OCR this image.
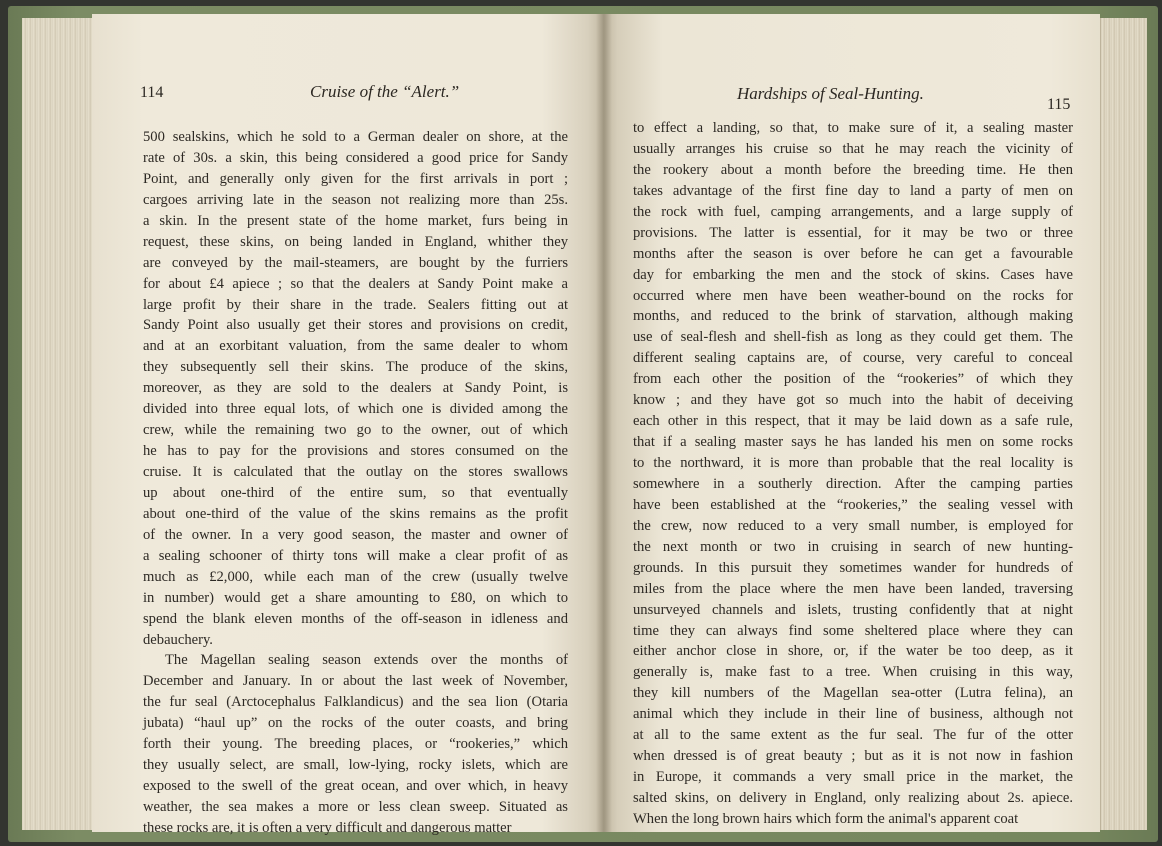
114	Cruise of the “Alert.”	Hardships of Seal-Hunting.
115
500 sealskins, which he sold to a German dealer on shore, at the
rate of 30s. a skin, this being considered a good price for Sandy
Point, and generally only given for the first arrivals in port ;
cargoes arriving late in the season not realizing more than 25s.
a skin. In the present state of the home market, furs being in
request, these skins, on being landed in England, whither they
are conveyed by the mail-steamers, are bought by the furriers
for about £4 apiece ; so that the dealers at Sandy Point make a
large profit by their share in the trade. Sealers fitting out at
Sandy Point also usually get their stores and provisions on credit,
and at an exorbitant valuation, from the same dealer to whom
they subsequently sell their skins. The produce of the skins,
moreover, as they are sold to the dealers at Sandy Point, is
divided into three equal lots, of which one is divided among the
crew, while the remaining two go to the owner, out of which
he has to pay for the provisions and stores consumed on the
cruise. It is calculated that the outlay on the stores swallows
up about one-third of the entire sum, so that eventually
about one-third of the value of the skins remains as the profit
of the owner. In a very good season, the master and owner of
a sealing schooner of thirty tons will make a clear profit of as
much as £2,000, while each man of the crew (usually twelve
in number) would get a share amounting to £80, on which to
spend the blank eleven months of the off-season in idleness and
debauchery.
The Magellan sealing season extends over the months of
December and January. In or about the last week of November,
the fur seal (Arctocephalus Falklandicus) and the sea lion (Otaria
jubata) “haul up” on the rocks of the outer coasts, and bring
forth their young. The breeding places, or “rookeries,” which
they usually select, are small, low-lying, rocky islets, which are
exposed to the swell of the great ocean, and over which, in heavy
weather, the sea makes a more or less clean sweep. Situated as
these rocks are, it is often a very difficult and dangerous matter
to effect a landing, so that, to make sure of it, a sealing master
usually arranges his cruise so that he may reach the vicinity of
the rookery about a month before the breeding time. He then
takes advantage of the first fine day to land a party of men on
the rock with fuel, camping arrangements, and a large supply of
provisions. The latter is essential, for it may be two or three
months after the season is over before he can get a favourable
day for embarking the men and the stock of skins. Cases have
occurred where men have been weather-bound on the rocks for
months, and reduced to the brink of starvation, although making
use of seal-flesh and shell-fish as long as they could get them. The
different sealing captains are, of course, very careful to conceal
from each other the position of the “rookeries” of which they
know ; and they have got so much into the habit of deceiving
each other in this respect, that it may be laid down as a safe rule,
that if a sealing master says he has landed his men on some rocks
to the northward, it is more than probable that the real locality is
somewhere in a southerly direction. After the camping parties
have been established at the “rookeries,” the sealing vessel with
the crew, now reduced to a very small number, is employed for
the next month or two in cruising in search of new hunting-
grounds. In this pursuit they sometimes wander for hundreds of
miles from the place where the men have been landed, traversing
unsurveyed channels and islets, trusting confidently that at night
time they can always find some sheltered place where they can
either anchor close in shore, or, if the water be too deep, as it
generally is, make fast to a tree. When cruising in this way,
they kill numbers of the Magellan sea-otter (Lutra felina), an
animal which they include in their line of business, although not
at all to the same extent as the fur seal. The fur of the otter
when dressed is of great beauty ; but as it is not now in fashion
in Europe, it commands a very small price in the market, the
salted skins, on delivery in England, only realizing about 2s. apiece.
When the long brown hairs which form the animal's apparent coat
